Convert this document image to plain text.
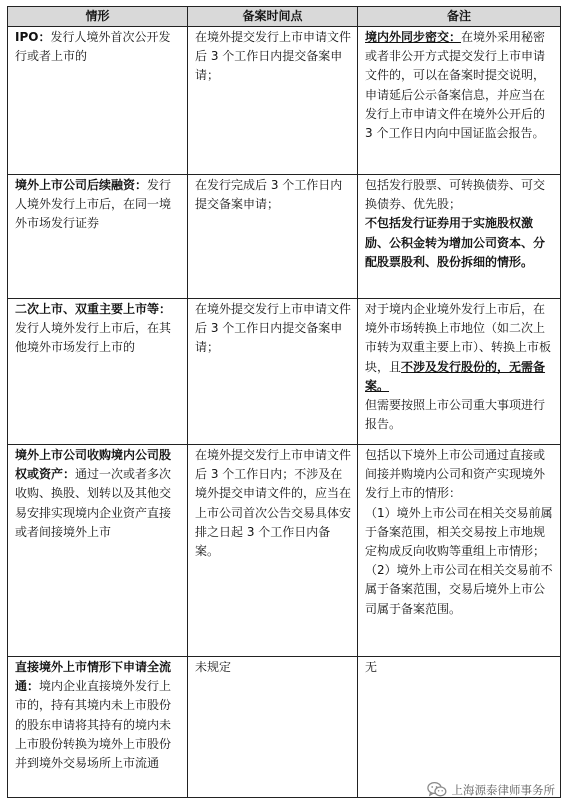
情形	备案时间点	备注
IPO：发行人境外首次公开发行或者上市的	在境外提交发行上市申请文件后 3 个工作日内提交备案申请；	境内外同步密交：在境外采用秘密或者非公开方式提交发行上市申请文件的，可以在备案时提交说明，申请延后公示备案信息，并应当在发行上市申请文件在境外公开后的 3 个工作日内向中国证监会报告。
境外上市公司后续融资：发行人境外发行上市后，在同一境外市场发行证券	在发行完成后 3 个工作日内提交备案申请；	包括发行股票、可转换债券、可交换债券、优先股；
不包括发行证券用于实施股权激励、公积金转为增加公司资本、分配股票股利、股份拆细的情形。

二次上市、双重主要上市等：发行人境外发行上市后，在其他境外市场发行上市的	在境外提交发行上市申请文件后 3 个工作日内提交备案申请；	对于境内企业境外发行上市后，在境外市场转换上市地位（如二次上市转为双重主要上市）、转换上市板块，且不涉及发行股份的，无需备案。
但需要按照上市公司重大事项进行报告。

境外上市公司收购境内公司股权或资产：通过一次或者多次收购、换股、划转以及其他交易安排实现境内企业资产直接或者间接境外上市	在境外提交发行上市申请文件后 3 个工作日内；不涉及在境外提交申请文件的，应当在上市公司首次公告交易具体安排之日起 3 个工作日内备案。	包括以下境外上市公司通过直接或间接并购境内公司和资产实现境外发行上市的情形：
（1）境外上市公司在相关交易前属于备案范围，相关交易按上市地规定构成反向收购等重组上市情形；
（2）境外上市公司在相关交易前不属于备案范围，交易后境外上市公司属于备案范围。

直接境外上市情形下申请全流通：境内企业直接境外发行上市的，持有其境内未上市股份的股东申请将其持有的境内未上市股份转换为境外上市股份并到境外交易场所上市流通	未规定	无
上海源泰律师事务所
